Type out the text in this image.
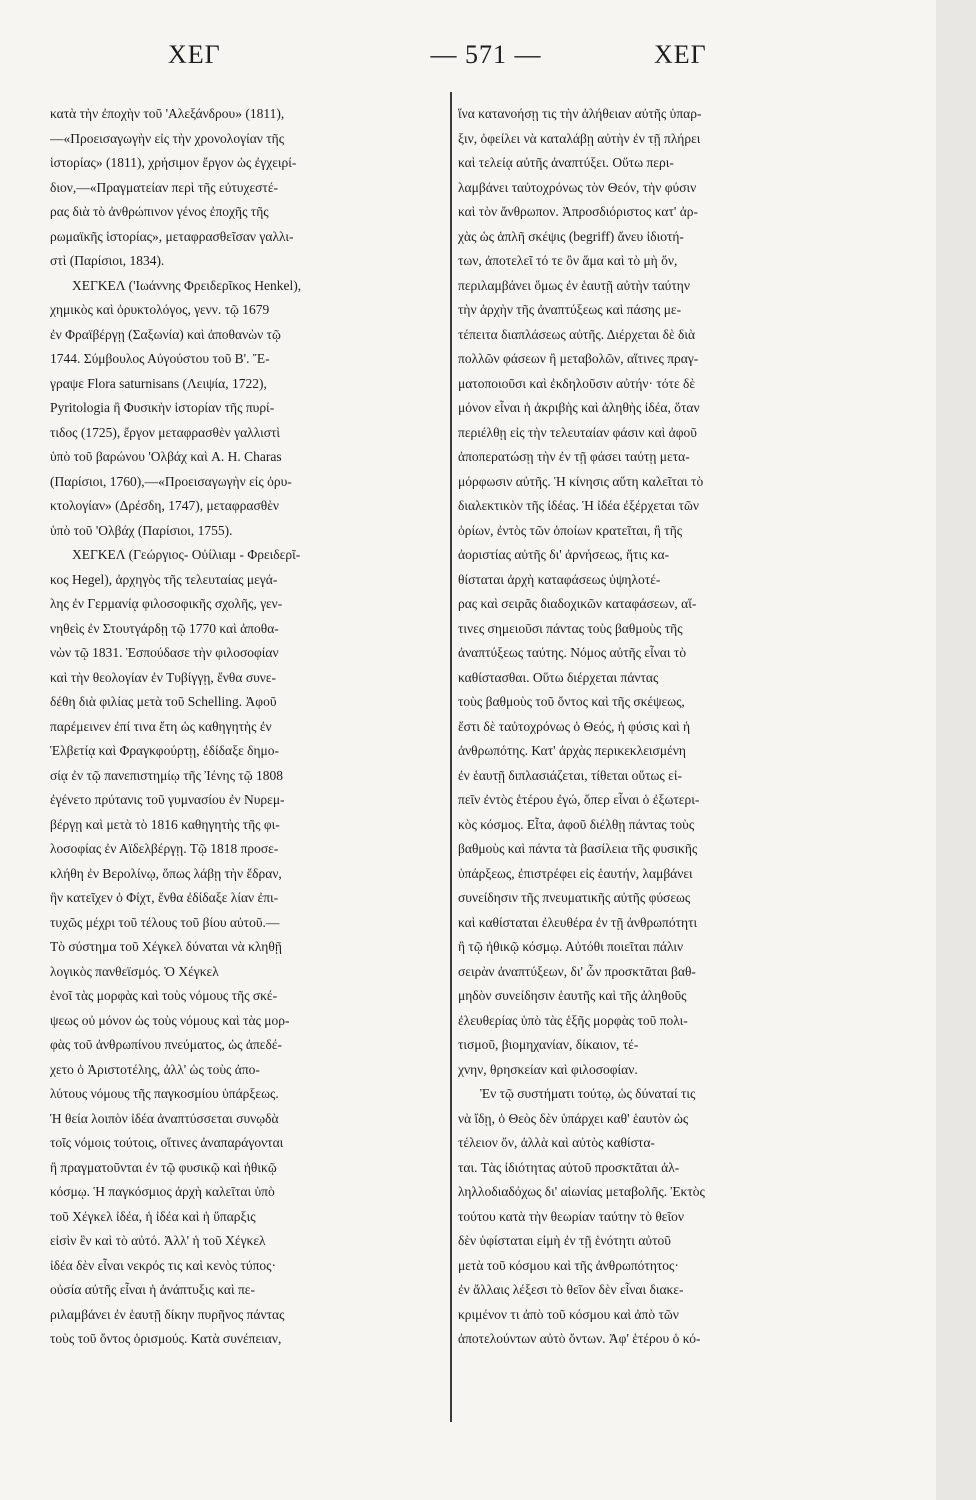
ΧΕΓ	— 571 —	ΧΕΓ
κατὰ τὴν ἐποχὴν τοῦ 'Αλεξάνδρου» (1811),
—«Προεισαγωγὴν εἰς τὴν χρονολογίαν τῆς
ἱστορίας» (1811), χρήσιμον ἔργον ὡς ἐγχειρί-
διον,—«Πραγματείαν περὶ τῆς εὐτυχεστέ-
ρας διὰ τὸ ἀνθρώπινον γένος ἐποχῆς τῆς
ρωμαϊκῆς ἱστορίας», μεταφρασθεῖσαν γαλλι-
στὶ (Παρίσιοι, 1834).
ΧΕΓΚΕΛ ('Ιωάννης Φρειδερῖκος Henkel),
χημικὸς καὶ ὀρυκτολόγος, γενν. τῷ 1679
ἐν Φραϊβέργῃ (Σαξωνία) καὶ ἀποθανὼν τῷ
1744. Σύμβουλος Αὐγούστου τοῦ Β'. Ἔ-
γραψε Flora saturnisans (Λειψία, 1722),
Pyritologia ἢ Φυσικὴν ἱστορίαν τῆς πυρί-
τιδος (1725), ἔργον μεταφρασθὲν γαλλιστὶ
ὑπὸ τοῦ βαρώνου 'Ολβάχ καὶ A. H. Charas
(Παρίσιοι, 1760),—«Προεισαγωγὴν εἰς ὀρυ-
κτολογίαν» (Δρέσδη, 1747), μεταφρασθὲν
ὑπὸ τοῦ 'Ολβάχ (Παρίσιοι, 1755).
ΧΕΓΚΕΛ (Γεώργιος- Οὐίλιαμ - Φρειδερῖ-
κος Hegel), ἀρχηγὸς τῆς τελευταίας μεγά-
λης ἐν Γερμανίᾳ φιλοσοφικῆς σχολῆς, γεν-
νηθεὶς ἐν Στουτγάρδῃ τῷ 1770 καὶ ἀποθα-
νὼν τῷ 1831. Ἐσπούδασε τὴν φιλοσοφίαν
καὶ τὴν θεολογίαν ἐν Τυβίγγῃ, ἔνθα συνε-
δέθη διὰ φιλίας μετὰ τοῦ Schelling. Ἀφοῦ
παρέμεινεν ἐπί τινα ἔτη ὡς καθηγητὴς ἐν
Ἑλβετίᾳ καὶ Φραγκφούρτῃ, ἐδίδαξε δημο-
σίᾳ ἐν τῷ πανεπιστημίῳ τῆς Ἰένης τῷ 1808
ἐγένετο πρύτανις τοῦ γυμνασίου ἐν Νυρεμ-
βέργῃ καὶ μετὰ τὸ 1816 καθηγητὴς τῆς φι-
λοσοφίας ἐν Αϊδελβέργῃ. Τῷ 1818 προσε-
κλήθη ἐν Βερολίνῳ, ὅπως λάβῃ τὴν ἕδραν,
ἣν κατεῖχεν ὁ Φίχτ, ἔνθα ἐδίδαξε λίαν ἐπι-
τυχῶς μέχρι τοῦ τέλους τοῦ βίου αὐτοῦ.—
Τὸ σύστημα τοῦ Χέγκελ δύναται νὰ κληθῇ
λογικὸς πανθεϊσμός. Ὁ Χέγκελ
ἑνοῖ τὰς μορφὰς καὶ τοὺς νόμους τῆς σκέ-
ψεως οὐ μόνον ὡς τοὺς νόμους καὶ τὰς μορ-
φὰς τοῦ ἀνθρωπίνου πνεύματος, ὡς ἀπεδέ-
χετο ὁ Ἀριστοτέλης, ἀλλ' ὡς τοὺς ἀπο-
λύτους νόμους τῆς παγκοσμίου ὑπάρξεως.
Ἡ θεία λοιπὸν ἰδέα ἀναπτύσσεται συνῳδὰ
τοῖς νόμοις τούτοις, οἵτινες ἀναπαράγονται
ἢ πραγματοῦνται ἐν τῷ φυσικῷ καὶ ἠθικῷ
κόσμῳ. Ἡ παγκόσμιος ἀρχὴ καλεῖται ὑπὸ
τοῦ Χέγκελ ἰδέα, ἡ ἰδέα καὶ ἡ ὕπαρξις
εἰσὶν ἓν καὶ τὸ αὐτό. Ἀλλ' ἡ τοῦ Χέγκελ
ἰδέα δὲν εἶναι νεκρός τις καὶ κενὸς τύπος·
οὐσία αὐτῆς εἶναι ἡ ἀνάπτυξις καὶ πε-
ριλαμβάνει ἐν ἑαυτῇ δίκην πυρῆνος πάντας
τοὺς τοῦ ὄντος ὁρισμούς. Κατὰ συνέπειαν,
ἵνα κατανοήσῃ τις τὴν ἀλήθειαν αὐτῆς ὑπαρ-
ξιν, ὀφείλει νὰ καταλάβῃ αὐτὴν ἐν τῇ πλήρει
καὶ τελείᾳ αὐτῆς ἀναπτύξει. Οὕτω περι-
λαμβάνει ταὐτοχρόνως τὸν Θεόν, τὴν φύσιν
καὶ τὸν ἄνθρωπον. Ἀπροσδιόριστος κατ' ἀρ-
χὰς ὡς ἁπλῆ σκέψις (begriff) ἄνευ ἰδιοτή-
των, ἀποτελεῖ τό τε ὂν ἅμα καὶ τὸ μὴ ὄν,
περιλαμβάνει ὅμως ἐν ἑαυτῇ αὐτὴν ταύτην
τὴν ἀρχὴν τῆς ἀναπτύξεως καὶ πάσης με-
τέπειτα διαπλάσεως αὐτῆς. Διέρχεται δὲ διὰ
πολλῶν φάσεων ἢ μεταβολῶν, αἵτινες πραγ-
ματοποιοῦσι καὶ ἐκδηλοῦσιν αὐτήν· τότε δὲ
μόνον εἶναι ἡ ἀκριβὴς καὶ ἀληθὴς ἰδέα, ὅταν
περιέλθῃ εἰς τὴν τελευταίαν φάσιν καὶ ἀφοῦ
ἀποπερατώσῃ τὴν ἐν τῇ φάσει ταύτῃ μετα-
μόρφωσιν αὐτῆς. Ἡ κίνησις αὕτη καλεῖται τὸ
διαλεκτικὸν τῆς ἰδέας. Ἡ ἰδέα ἐξέρχεται τῶν
ὁρίων, ἐντὸς τῶν ὁποίων κρατεῖται, ἢ τῆς
ἀοριστίας αὐτῆς δι' ἀρνήσεως, ἥτις κα-
θίσταται ἀρχὴ καταφάσεως ὑψηλοτέ-
ρας καὶ σειρᾶς διαδοχικῶν καταφάσεων, αἵ-
τινες σημειοῦσι πάντας τοὺς βαθμοὺς τῆς
ἀναπτύξεως ταύτης. Νόμος αὐτῆς εἶναι τὸ
καθίστασθαι. Οὕτω διέρχεται πάντας
τοὺς βαθμοὺς τοῦ ὄντος καὶ τῆς σκέψεως,
ἔστι δὲ ταὐτοχρόνως ὁ Θεός, ἡ φύσις καὶ ἡ
ἀνθρωπότης. Κατ' ἀρχὰς περικεκλεισμένη
ἐν ἑαυτῇ διπλασιάζεται, τίθεται οὕτως εἰ-
πεῖν ἐντὸς ἑτέρου ἐγώ, ὅπερ εἶναι ὁ ἐξωτερι-
κὸς κόσμος. Εἶτα, ἀφοῦ διέλθῃ πάντας τοὺς
βαθμοὺς καὶ πάντα τὰ βασίλεια τῆς φυσικῆς
ὑπάρξεως, ἐπιστρέφει εἰς ἑαυτήν, λαμβάνει
συνείδησιν τῆς πνευματικῆς αὐτῆς φύσεως
καὶ καθίσταται ἐλευθέρα ἐν τῇ ἀνθρωπότητι
ἢ τῷ ἠθικῷ κόσμῳ. Αὐτόθι ποιεῖται πάλιν
σειρὰν ἀναπτύξεων, δι' ὧν προσκτᾶται βαθ-
μηδὸν συνείδησιν ἑαυτῆς καὶ τῆς ἀληθοῦς
ἐλευθερίας ὑπὸ τὰς ἑξῆς μορφὰς τοῦ πολι-
τισμοῦ, βιομηχανίαν, δίκαιον, τέ-
χνην, θρησκείαν καὶ φιλοσοφίαν.
Ἐν τῷ συστήματι τούτῳ, ὡς δύναταί τις
νὰ ἴδῃ, ὁ Θεὸς δὲν ὑπάρχει καθ' ἑαυτὸν ὡς
τέλειον ὄν, ἀλλὰ καὶ αὐτὸς καθίστα-
ται. Τὰς ἰδιότητας αὐτοῦ προσκτᾶται ἀλ-
ληλλοδιαδόχως δι' αἰωνίας μεταβολῆς. Ἐκτὸς
τούτου κατὰ τὴν θεωρίαν ταύτην τὸ θεῖον
δὲν ὑφίσταται εἰμὴ ἐν τῇ ἑνότητι αὐτοῦ
μετὰ τοῦ κόσμου καὶ τῆς ἀνθρωπότητος·
ἐν ἄλλαις λέξεσι τὸ θεῖον δὲν εἶναι διακε-
κριμένον τι ἀπὸ τοῦ κόσμου καὶ ἀπὸ τῶν
ἀποτελούντων αὐτὸ ὄντων. Ἀφ' ἑτέρου ὁ κό-
